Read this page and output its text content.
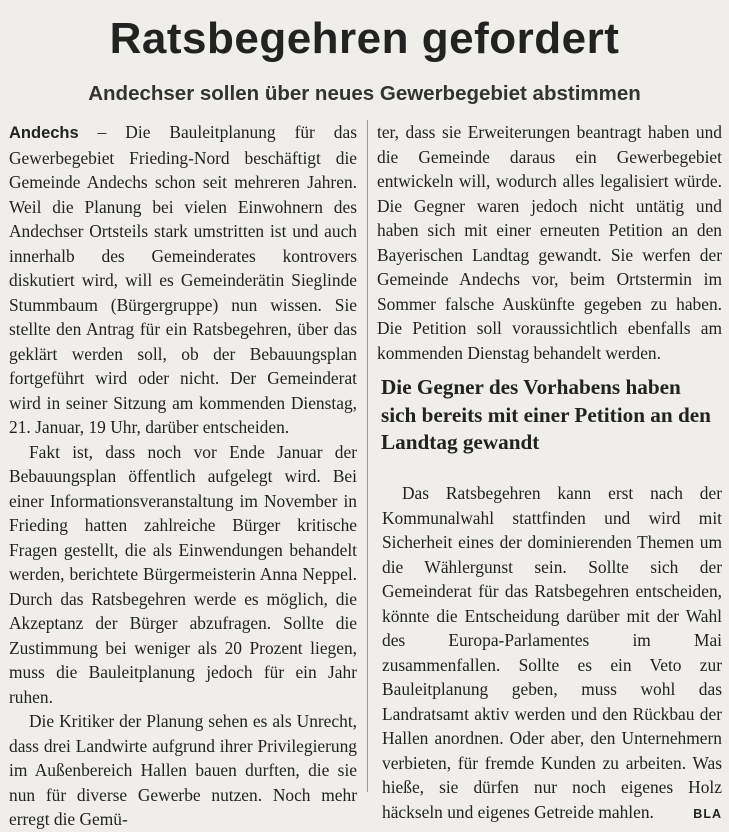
Ratsbegehren gefordert
Andechser sollen über neues Gewerbegebiet abstimmen

Andechs – Die Bauleitplanung für das Gewerbegebiet Frieding-Nord beschäftigt die Gemeinde Andechs schon seit mehreren Jahren. Weil die Planung bei vielen Einwohnern des Andechser Ortsteils stark umstritten ist und auch innerhalb des Gemeinderates kontrovers diskutiert wird, will es Gemeinderätin Sieglinde Stummbaum (Bürgergruppe) nun wissen. Sie stellte den Antrag für ein Ratsbegehren, über das geklärt werden soll, ob der Bebauungsplan fortgeführt wird oder nicht. Der Gemeinderat wird in seiner Sitzung am kommenden Dienstag, 21. Januar, 19 Uhr, darüber entscheiden.

Fakt ist, dass noch vor Ende Januar der Bebauungsplan öffentlich aufgelegt wird. Bei einer Informationsveranstaltung im November in Frieding hatten zahlreiche Bürger kritische Fragen gestellt, die als Einwendungen behandelt werden, berichtete Bürgermeisterin Anna Neppel. Durch das Ratsbegehren werde es möglich, die Akzeptanz der Bürger abzufragen. Sollte die Zustimmung bei weniger als 20 Prozent liegen, muss die Bauleitplanung jedoch für ein Jahr ruhen.

Die Kritiker der Planung sehen es als Unrecht, dass drei Landwirte aufgrund ihrer Privilegierung im Außenbereich Hallen bauen durften, die sie nun für diverse Gewerbe nutzen. Noch mehr erregt die Gemü-

ter, dass sie Erweiterungen beantragt haben und die Gemeinde daraus ein Gewerbegebiet entwickeln will, wodurch alles legalisiert würde. Die Gegner waren jedoch nicht untätig und haben sich mit einer erneuten Petition an den Bayerischen Landtag gewandt. Sie werfen der Gemeinde Andechs vor, beim Ortstermin im Sommer falsche Auskünfte gegeben zu haben. Die Petition soll voraussichtlich ebenfalls am kommenden Dienstag behandelt werden.

Die Gegner des Vorhabens haben sich bereits mit einer Petition an den Landtag gewandt

Das Ratsbegehren kann erst nach der Kommunalwahl stattfinden und wird mit Sicherheit eines der dominierenden Themen um die Wählergunst sein. Sollte sich der Gemeinderat für das Ratsbegehren entscheiden, könnte die Entscheidung darüber mit der Wahl des Europa-Parlamentes im Mai zusammenfallen. Sollte es ein Veto zur Bauleitplanung geben, muss wohl das Landratsamt aktiv werden und den Rückbau der Hallen anordnen. Oder aber, den Unternehmern verbieten, für fremde Kunden zu arbeiten. Was hieße, sie dürfen nur noch eigenes Holz häckseln und eigenes Getreide mahlen.	BLA
